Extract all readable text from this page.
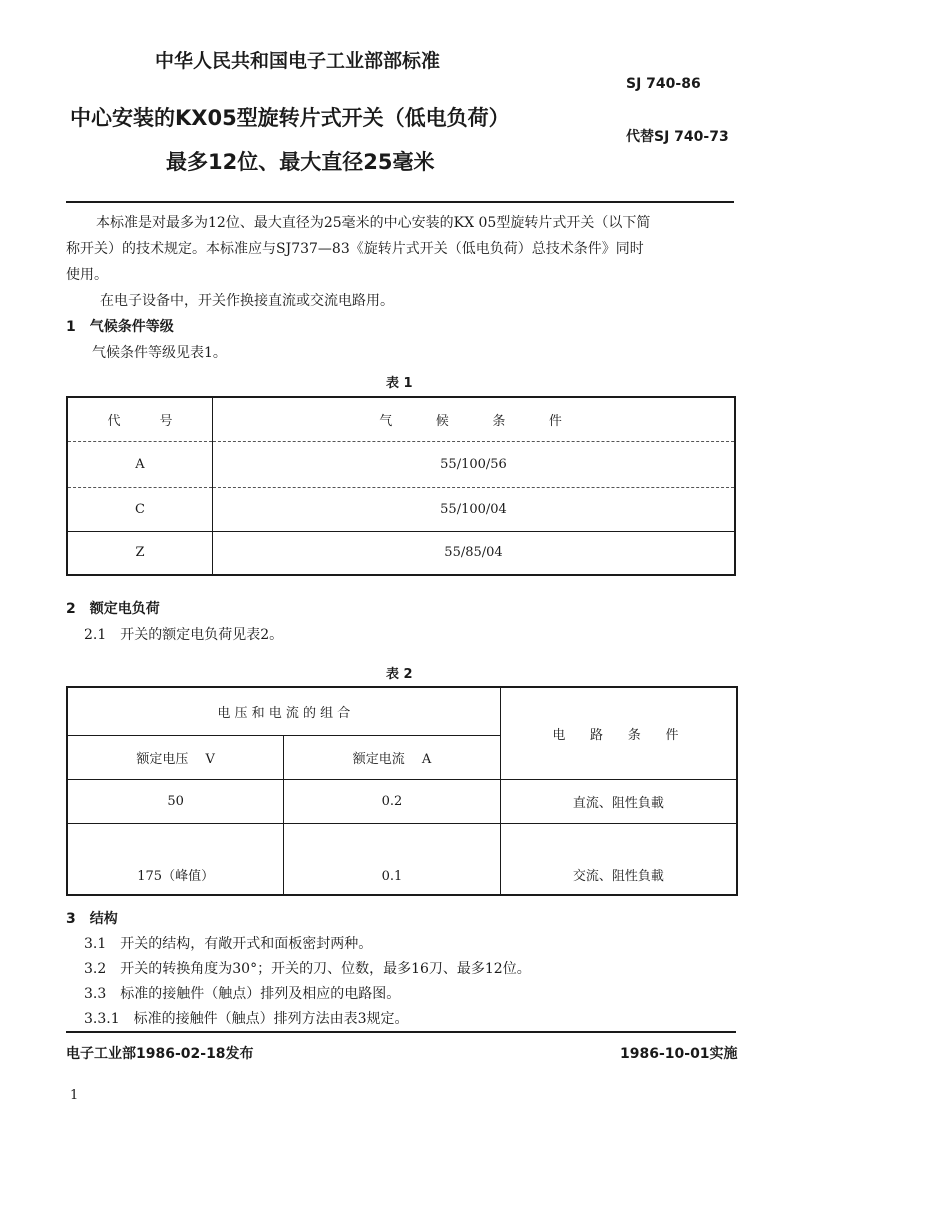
中华人民共和国电子工业部部标准
SJ 740-86
中心安装的KX05型旋转片式开关（低电负荷）
代替SJ 740-73
最多12位、最大直径25毫米
本标准是对最多为12位、最大直径为25毫米的中心安装的KX 05型旋转片式开关（以下简
称开关）的技术规定。本标准应与SJ737—83《旋转片式开关（低电负荷）总技术条件》同时
使用。
在电子设备中，开关作换接直流或交流电路用。
1　气候条件等级
气候条件等级见表1。
表 1
代　　　号	气　　候　　条　　件
A	55/100/56
C	55/100/04
Z	55/85/04
2　额定电负荷
2.1　开关的额定电负荷见表2。
表 2
电 压 和 电 流 的 组 合		电　路　条　件
额定电压　 V	额定电流　 A	
50	0.2	直流、阻性負載
175（峰值）	0.1	交流、阻性負載
3　结构
3.1　开关的结构，有敞开式和面板密封两种。
3.2　开关的转换角度为30°；开关的刀、位数，最多16刀、最多12位。
3.3　标准的接触件（触点）排列及相应的电路图。
3.3.1　标准的接触件（触点）排列方法由表3规定。
电子工业部1986-02-18发布	1986-10-01实施
1
